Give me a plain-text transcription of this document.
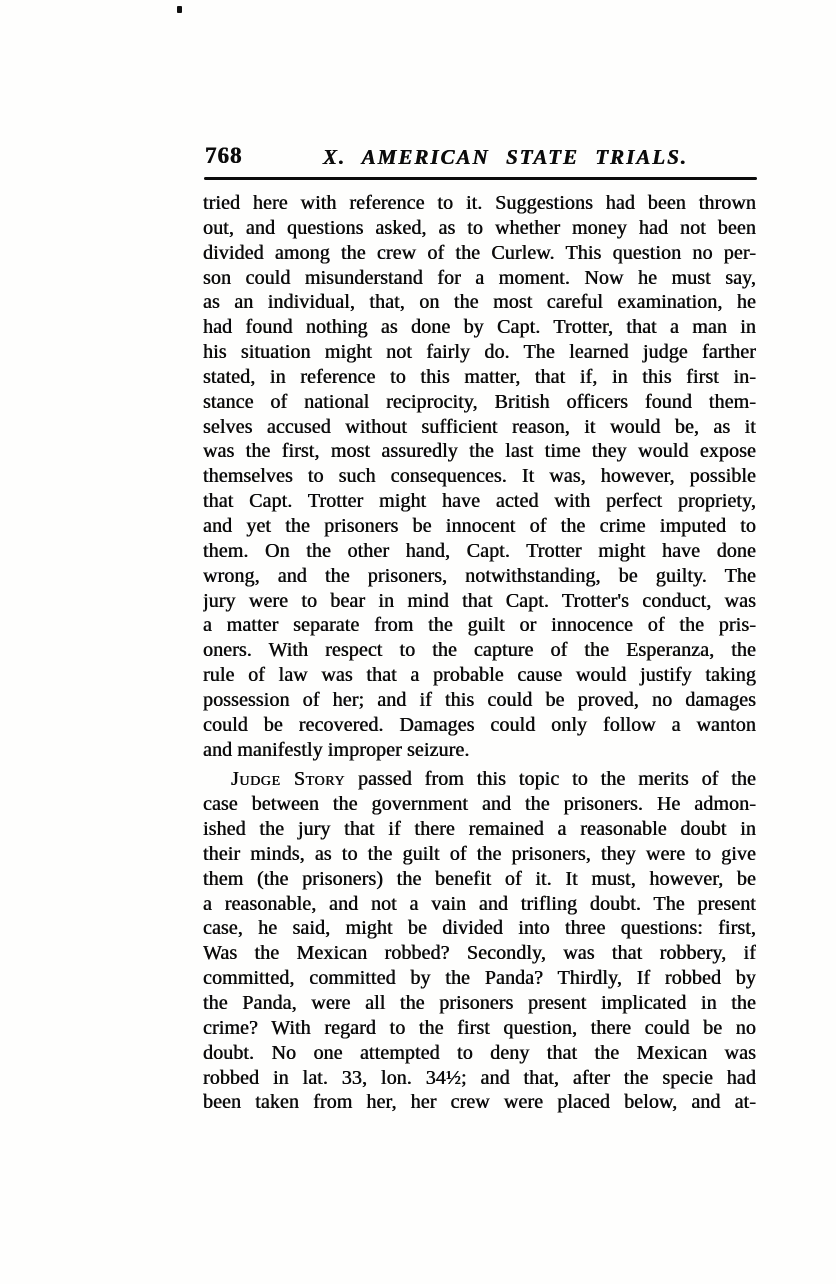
768	X. AMERICAN STATE TRIALS.
tried here with reference to it. Suggestions had been thrown
out, and questions asked, as to whether money had not been
divided among the crew of the Curlew. This question no per-
son could misunderstand for a moment. Now he must say,
as an individual, that, on the most careful examination, he
had found nothing as done by Capt. Trotter, that a man in
his situation might not fairly do. The learned judge farther
stated, in reference to this matter, that if, in this first in-
stance of national reciprocity, British officers found them-
selves accused without sufficient reason, it would be, as it
was the first, most assuredly the last time they would expose
themselves to such consequences. It was, however, possible
that Capt. Trotter might have acted with perfect propriety,
and yet the prisoners be innocent of the crime imputed to
them. On the other hand, Capt. Trotter might have done
wrong, and the prisoners, notwithstanding, be guilty. The
jury were to bear in mind that Capt. Trotter's conduct, was
a matter separate from the guilt or innocence of the pris-
oners. With respect to the capture of the Esperanza, the
rule of law was that a probable cause would justify taking
possession of her; and if this could be proved, no damages
could be recovered. Damages could only follow a wanton
and manifestly improper seizure.
Judge Story passed from this topic to the merits of the
case between the government and the prisoners. He admon-
ished the jury that if there remained a reasonable doubt in
their minds, as to the guilt of the prisoners, they were to give
them (the prisoners) the benefit of it. It must, however, be
a reasonable, and not a vain and trifling doubt. The present
case, he said, might be divided into three questions: first,
Was the Mexican robbed? Secondly, was that robbery, if
committed, committed by the Panda? Thirdly, If robbed by
the Panda, were all the prisoners present implicated in the
crime? With regard to the first question, there could be no
doubt. No one attempted to deny that the Mexican was
robbed in lat. 33, lon. 34½; and that, after the specie had
been taken from her, her crew were placed below, and at-
